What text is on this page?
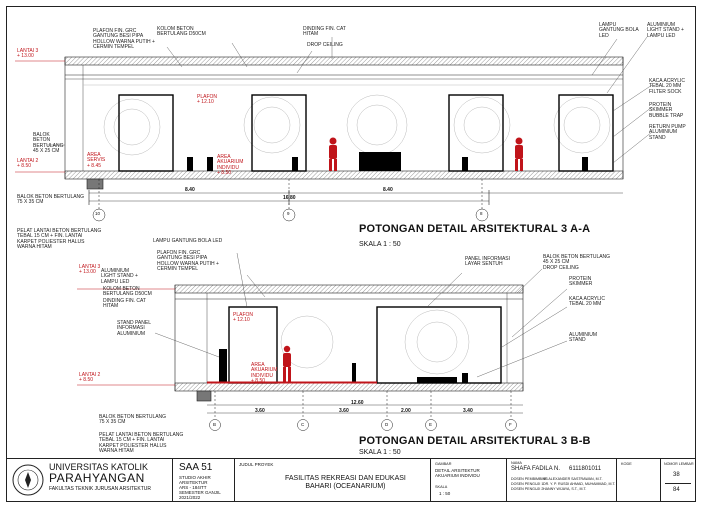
PLAFON FIN. GRC
GANTUNG BESI PIPA
HOLLOW WARNA PUTIH +
CERMIN TEMPEL
KOLOM BETON
BERTULANG D50CM
DINDING FIN. CAT
HITAM
DROP CEILING
LAMPU
GANTUNG BOLA
LED
ALUMINIUM
LIGHT STAND +
LAMPU LED
KACA ACRYLIC
TEBAL 20 MM
FILTER SOCK
PROTEIN
SKIMMER
BUBBLE TRAP
RETURN PUMP
ALUMINIUM
STAND
LANTAI 3
+ 13.00
BALOK
BETON
BERTULANG
45 X 25 CM
LANTAI 2
+ 8.50
BALOK BETON BERTULANG
75 X 35 CM
PELAT LANTAI BETON BERTULANG
TEBAL 15 CM + FIN. LANTAI
KARPET POLIESTER HALUS
WARNA HITAM
PLAFON
+ 12.10
AREA
SERVIS
+ 8.45
AREA
AKUARIUM
INDIVIDU
+ 8.50
8.40	8.40
16.80
10	9	8
POTONGAN DETAIL ARSITEKTURAL 3 A-A
SKALA 1 : 50
LAMPU GANTUNG BOLA LED
PLAFON FIN. GRC
GANTUNG BESI PIPA
HOLLOW WARNA PUTIH +
CERMIN TEMPEL
PANEL INFORMASI
LAYAR SENTUH
BALOK BETON BERTULANG
45 X 25 CM
DROP CEILING
ALUMINIUM
LIGHT STAND +
LAMPU LED
KOLOM BETON
BERTULANG D50CM
DINDING FIN. CAT
HITAM
STAND PANEL
INFORMASI
ALUMINIUM
PROTEIN
SKIMMER
KACA ACRYLIC
TEBAL 20 MM
ALUMINIUM
STAND
LANTAI 3
+ 13.00
LANTAI 2
+ 8.50
PLAFON
+ 12.10
AREA
AKUARIUM
INDIVIDU
+ 8.50
BALOK BETON BERTULANG
75 X 35 CM
PELAT LANTAI BETON BERTULANG
TEBAL 15 CM + FIN. LANTAI
KARPET POLIESTER HALUS
WARNA HITAM
3.60	3.60	2.00	3.40
12.60
B	C	D	E	F
POTONGAN DETAIL ARSITEKTURAL 3 B-B
SKALA 1 : 50
UNIVERSITAS KATOLIK
PARAHYANGAN
FAKULTAS TEKNIK JURUSAN ARSITEKTUR
SAA 51
STUDIO AKHIR ARSITEKTUR
ARS - 184ITT
SEMESTER GANJIL 2021/2022
JUDUL PROYEK
FASILITAS REKREASI DAN EDUKASI
BAHARI (OCEANARIUM)
GAMBAR
DETAIL ARSITEKTUR
AKUARIUM INDIVIDU
SKALA
1 : 50
NAMA
SHAFA FADILA N. 6111801011
DOSEN PEMBIMBING
DOSEN PENGUJI 1
DOSEN PENGUJI 2
IR. ALEXANDER SASTRAWAN, M.T.
DR. Y. P. RUSDI AHMAD, MUHAMMAD, M.T.
HANNY WIJAYA, S.T., M.T.
KODE	NOMOR LEMBAR
38
84
